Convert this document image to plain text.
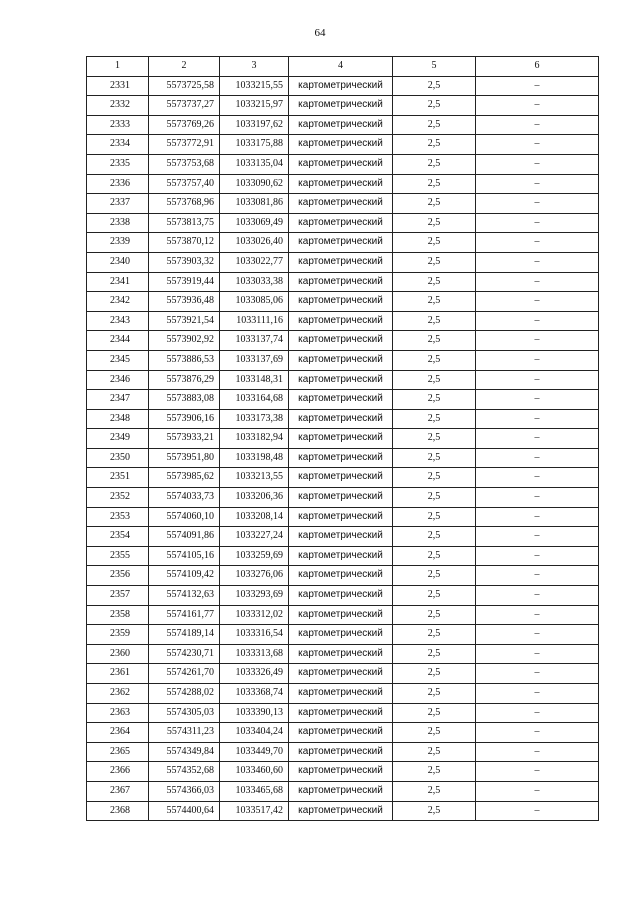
64
1	2	3	4	5	6
2331	5573725,58	1033215,55	картометрический	2,5	–
2332	5573737,27	1033215,97	картометрический	2,5	–
2333	5573769,26	1033197,62	картометрический	2,5	–
2334	5573772,91	1033175,88	картометрический	2,5	–
2335	5573753,68	1033135,04	картометрический	2,5	–
2336	5573757,40	1033090,62	картометрический	2,5	–
2337	5573768,96	1033081,86	картометрический	2,5	–
2338	5573813,75	1033069,49	картометрический	2,5	–
2339	5573870,12	1033026,40	картометрический	2,5	–
2340	5573903,32	1033022,77	картометрический	2,5	–
2341	5573919,44	1033033,38	картометрический	2,5	–
2342	5573936,48	1033085,06	картометрический	2,5	–
2343	5573921,54	1033111,16	картометрический	2,5	–
2344	5573902,92	1033137,74	картометрический	2,5	–
2345	5573886,53	1033137,69	картометрический	2,5	–
2346	5573876,29	1033148,31	картометрический	2,5	–
2347	5573883,08	1033164,68	картометрический	2,5	–
2348	5573906,16	1033173,38	картометрический	2,5	–
2349	5573933,21	1033182,94	картометрический	2,5	–
2350	5573951,80	1033198,48	картометрический	2,5	–
2351	5573985,62	1033213,55	картометрический	2,5	–
2352	5574033,73	1033206,36	картометрический	2,5	–
2353	5574060,10	1033208,14	картометрический	2,5	–
2354	5574091,86	1033227,24	картометрический	2,5	–
2355	5574105,16	1033259,69	картометрический	2,5	–
2356	5574109,42	1033276,06	картометрический	2,5	–
2357	5574132,63	1033293,69	картометрический	2,5	–
2358	5574161,77	1033312,02	картометрический	2,5	–
2359	5574189,14	1033316,54	картометрический	2,5	–
2360	5574230,71	1033313,68	картометрический	2,5	–
2361	5574261,70	1033326,49	картометрический	2,5	–
2362	5574288,02	1033368,74	картометрический	2,5	–
2363	5574305,03	1033390,13	картометрический	2,5	–
2364	5574311,23	1033404,24	картометрический	2,5	–
2365	5574349,84	1033449,70	картометрический	2,5	–
2366	5574352,68	1033460,60	картометрический	2,5	–
2367	5574366,03	1033465,68	картометрический	2,5	–
2368	5574400,64	1033517,42	картометрический	2,5	–
